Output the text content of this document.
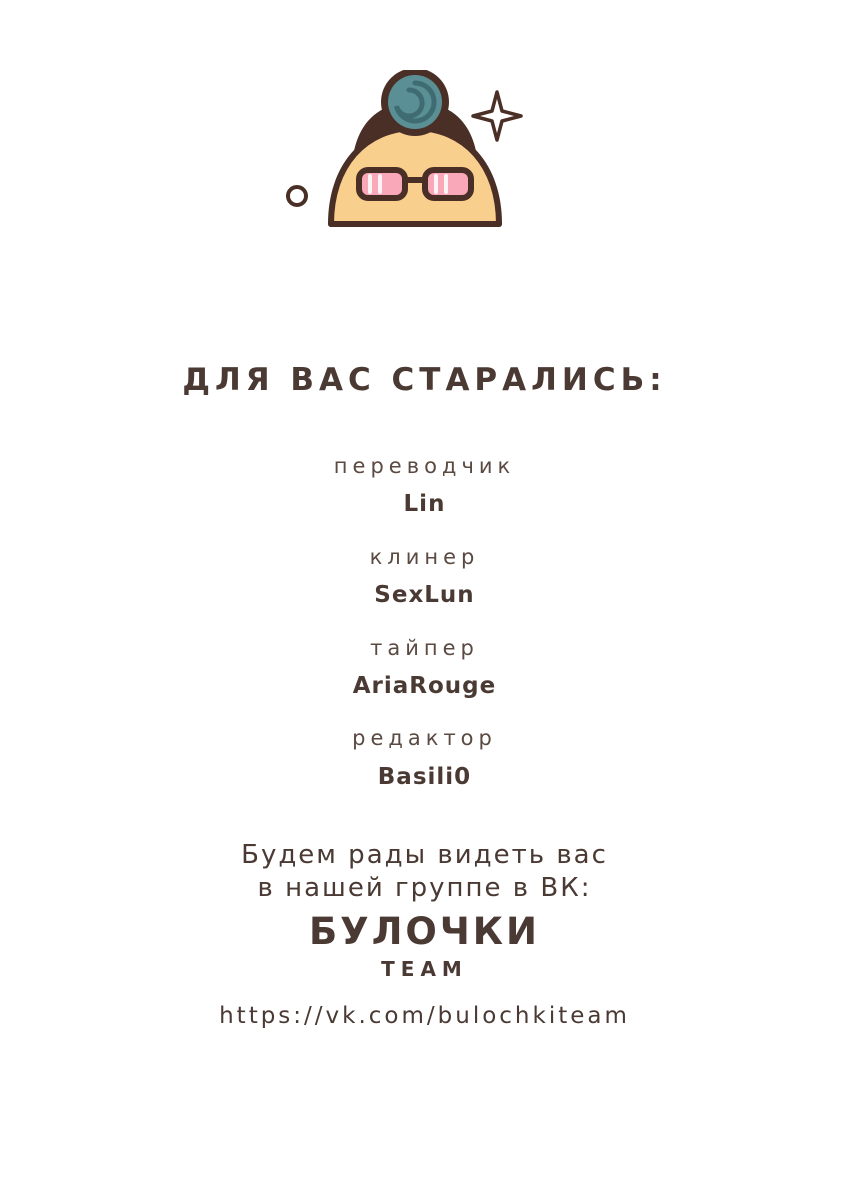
ДЛЯ ВАС СТАРАЛИСЬ:
переводчик
Lin
клинер
SexLun
тайпер
AriaRouge
редактор
Basili0
Будем рады видеть вас
в нашей группе в ВК:
БУЛОЧКИ
TEAM
https://vk.com/bulochkiteam
